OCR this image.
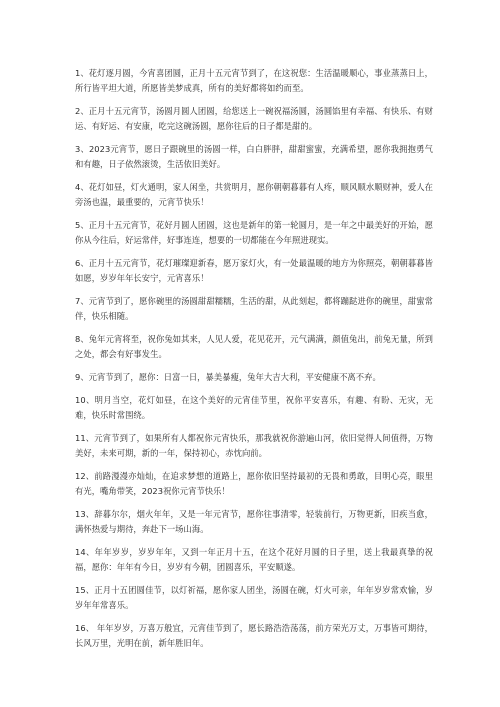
1、花灯逐月圆，今宵喜团圆，正月十五元宵节到了，在这祝您：生活温暖顺心，事业蒸蒸日上，所行皆平坦大道，所愿皆美梦成真，所有的美好都将如约而至。

2、正月十五元宵节，汤圆月圆人团圆，给您送上一碗祝福汤圆，汤圆馅里有幸福、有快乐、有财运、有好运、有安康，吃完这碗汤圆，愿你往后的日子都是甜的。

3、2023元宵节，愿日子跟碗里的汤圆一样，白白胖胖，甜甜蜜蜜，充满希望，愿你我拥抱勇气和有趣，日子依然滚烫，生活依旧美好。

4、花灯如昼，灯火通明，家人闲坐，共赏明月，愿你朝朝暮暮有人疼，顺风顺水顺财神，爱人在旁汤也温，最重要的，元宵节快乐！

5、正月十五元宵节，花好月圆人团圆，这也是新年的第一轮圆月，是一年之中最美好的开始，愿你从今往后，好运常伴，好事连连，想要的一切都能在今年照进现实。

6、正月十五元宵节，花灯璀璨迎新春，愿万家灯火，有一处最温暖的地方为你照亮，朝朝暮暮皆如愿，岁岁年年长安宁，元宵喜乐！

7、元宵节到了，愿你碗里的汤圆甜甜糯糯，生活的甜，从此刻起，都将蹦跶进你的碗里，甜蜜常伴，快乐相随。

8、兔年元宵将至，祝你兔如其来，人见人爱，花见花开，元气满满，颜值兔出，前兔无量，所到之处，都会有好事发生。

9、元宵节到了，愿你：日富一日，暴美暴瘦，兔年大吉大利，平安健康不离不弃。

10、明月当空，花灯如昼，在这个美好的元宵佳节里，祝你平安喜乐，有趣、有盼、无灾，无难，快乐时常围绕。

11、元宵节到了，如果所有人都祝你元宵快乐，那我就祝你游遍山河，依旧觉得人间值得，万物美好，未来可期，新的一年，保持初心，赤忱向前。

12、前路漫漫亦灿灿，在追求梦想的道路上，愿你依旧坚持最初的无畏和勇敢，目明心亮，眼里有光，嘴角带笑，2023祝你元宵节快乐！

13、辞暮尔尔，烟火年年，又是一年元宵节，愿你往事清零，轻装前行，万物更新，旧疾当愈，满怀热爱与期待，奔赴下一场山海。

14、年年岁岁，岁岁年年，又到一年正月十五，在这个花好月圆的日子里，送上我最真挚的祝福，愿你：年年有今日，岁岁有今朝，团圆喜乐，平安顺遂。

15、正月十五团圆佳节，以灯祈福，愿你家人团坐，汤圆在碗，灯火可亲，年年岁岁常欢愉，岁岁年年常喜乐。

16、 年年岁岁，万喜万般宜，元宵佳节到了，愿长路浩浩荡荡，前方荣光万丈，万事皆可期待，长风万里，光明在前，新年胜旧年。
